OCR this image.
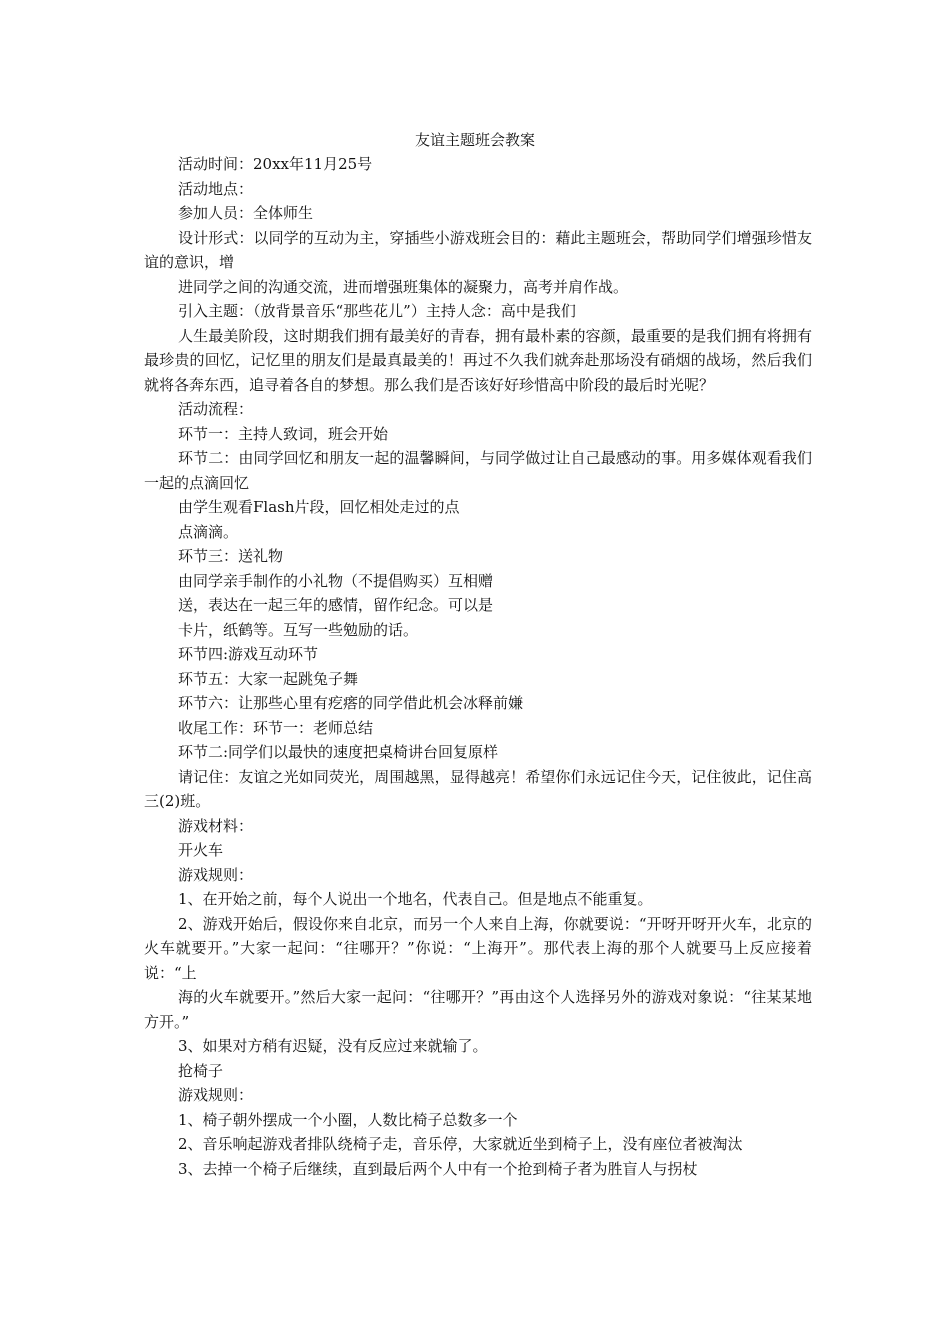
友谊主题班会教案

活动时间：20xx年11月25号

活动地点：

参加人员：全体师生

设计形式：以同学的互动为主，穿插些小游戏班会目的：藉此主题班会，帮助同学们增强珍惜友谊的意识，增

进同学之间的沟通交流，进而增强班集体的凝聚力，高考并肩作战。

引入主题：（放背景音乐“那些花儿”）主持人念：高中是我们

人生最美阶段，这时期我们拥有最美好的青春，拥有最朴素的容颜，最重要的是我们拥有将拥有最珍贵的回忆，记忆里的朋友们是最真最美的！再过不久我们就奔赴那场没有硝烟的战场，然后我们就将各奔东西，追寻着各自的梦想。那么我们是否该好好珍惜高中阶段的最后时光呢？

活动流程：

环节一：主持人致词，班会开始

环节二：由同学回忆和朋友一起的温馨瞬间，与同学做过让自己最感动的事。用多媒体观看我们一起的点滴回忆

由学生观看Flash片段，回忆相处走过的点

点滴滴。

环节三：送礼物

由同学亲手制作的小礼物（不提倡购买）互相赠

送，表达在一起三年的感情，留作纪念。可以是

卡片，纸鹤等。互写一些勉励的话。

环节四:游戏互动环节

环节五：大家一起跳兔子舞

环节六：让那些心里有疙瘩的同学借此机会冰释前嫌

收尾工作：环节一：老师总结

环节二:同学们以最快的速度把桌椅讲台回复原样

请记住：友谊之光如同荧光，周围越黑，显得越亮！希望你们永远记住今天，记住彼此，记住高三(2)班。

游戏材料：

开火车

游戏规则：

1、在开始之前，每个人说出一个地名，代表自己。但是地点不能重复。

2、游戏开始后，假设你来自北京，而另一个人来自上海，你就要说：“开呀开呀开火车，北京的火车就要开。”大家一起问：“往哪开？”你说：“上海开”。那代表上海的那个人就要马上反应接着说：“上

海的火车就要开。”然后大家一起问：“往哪开？”再由这个人选择另外的游戏对象说：“往某某地方开。”

3、如果对方稍有迟疑，没有反应过来就输了。

抢椅子

游戏规则：

1、椅子朝外摆成一个小圈，人数比椅子总数多一个

2、音乐响起游戏者排队绕椅子走，音乐停，大家就近坐到椅子上，没有座位者被淘汰

3、去掉一个椅子后继续，直到最后两个人中有一个抢到椅子者为胜盲人与拐杖
